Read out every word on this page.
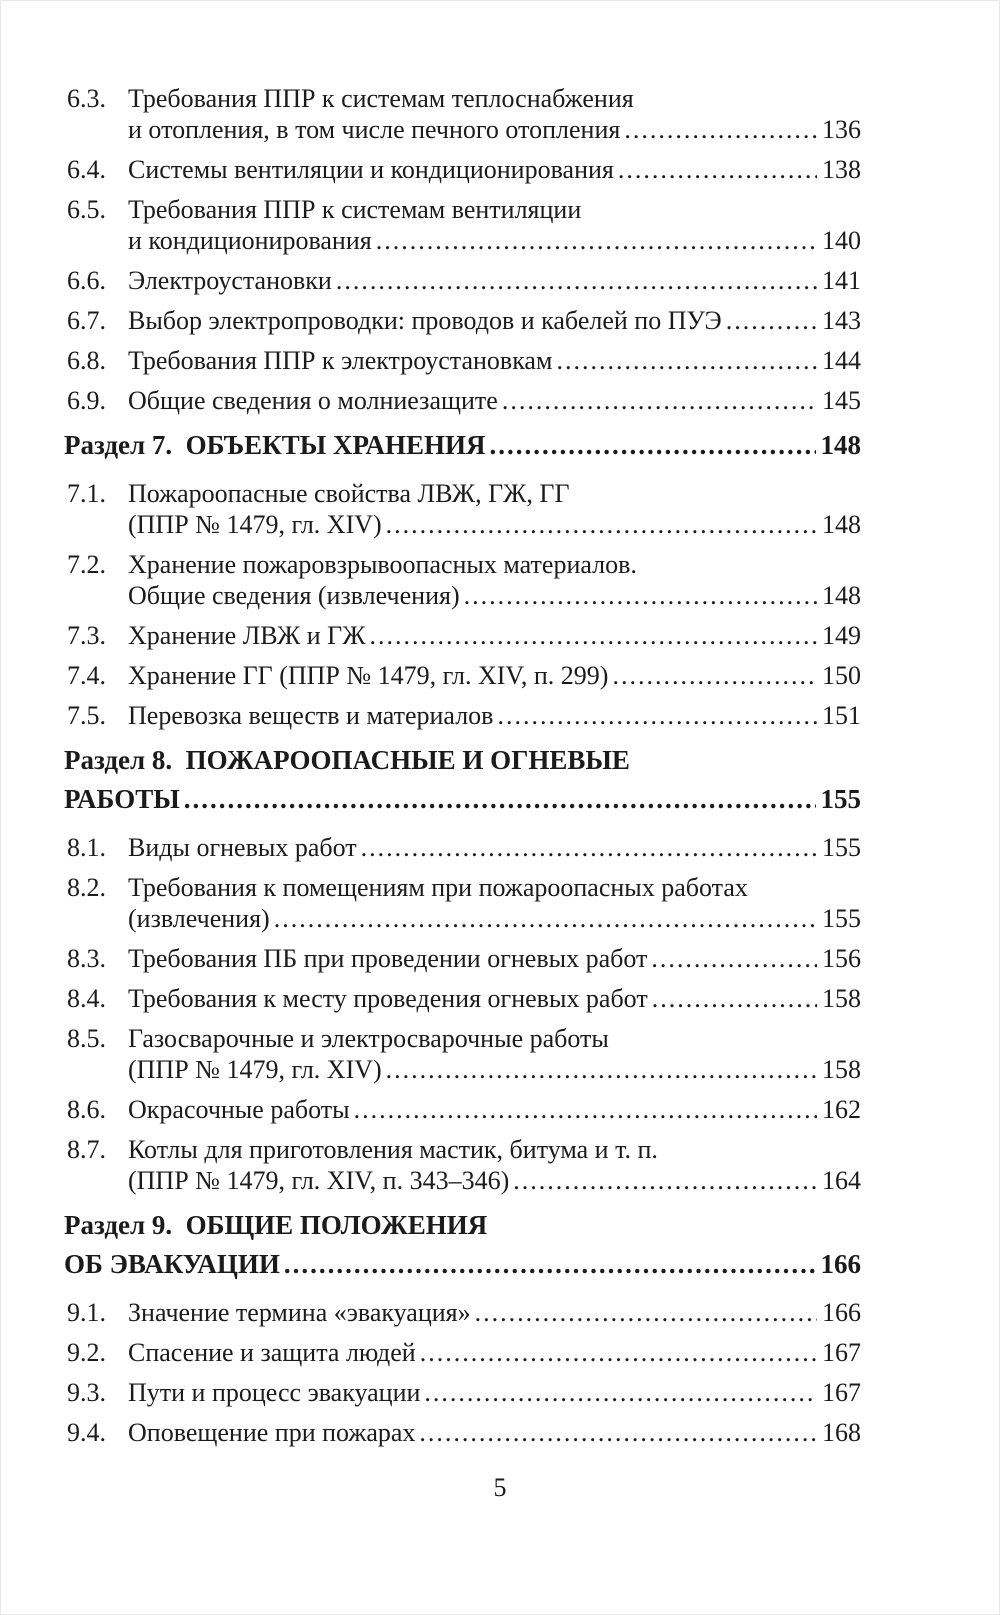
6.3. Требования ППР к системам теплоснабжения
и отопления, в том числе печного отопления .....	136
6.4. Системы вентиляции и кондиционирования .....	138
6.5. Требования ППР к системам вентиляции
и кондиционирования .....	140
6.6. Электроустановки .....	141
6.7. Выбор электропроводки: проводов и кабелей по ПУЭ .....	143
6.8. Требования ППР к электроустановкам .....	144
6.9. Общие сведения о молниезащите .....	145
Раздел 7.  ОБЪЕКТЫ ХРАНЕНИЯ .....	148
7.1. Пожароопасные свойства ЛВЖ, ГЖ, ГГ
(ППР № 1479, гл. XIV) .....	148
7.2. Хранение пожаровзрывоопасных материалов.
Общие сведения (извлечения) .....	148
7.3. Хранение ЛВЖ и ГЖ .....	149
7.4. Хранение ГГ (ППР № 1479, гл. XIV, п. 299) .....	150
7.5. Перевозка веществ и материалов .....	151
Раздел 8.  ПОЖАРООПАСНЫЕ И ОГНЕВЫЕ
РАБОТЫ .....	155
8.1. Виды огневых работ .....	155
8.2. Требования к помещениям при пожароопасных работах
(извлечения) .....	155
8.3. Требования ПБ при проведении огневых работ .....	156
8.4. Требования к месту проведения огневых работ .....	158
8.5. Газосварочные и электросварочные работы
(ППР № 1479, гл. XIV) .....	158
8.6. Окрасочные работы .....	162
8.7. Котлы для приготовления мастик, битума и т. п.
(ППР № 1479, гл. XIV, п. 343–346) .....	164
Раздел 9.  ОБЩИЕ ПОЛОЖЕНИЯ
ОБ ЭВАКУАЦИИ .....	166
9.1. Значение термина «эвакуация» .....	166
9.2. Спасение и защита людей .....	167
9.3. Пути и процесс эвакуации .....	167
9.4. Оповещение при пожарах .....	168
5
